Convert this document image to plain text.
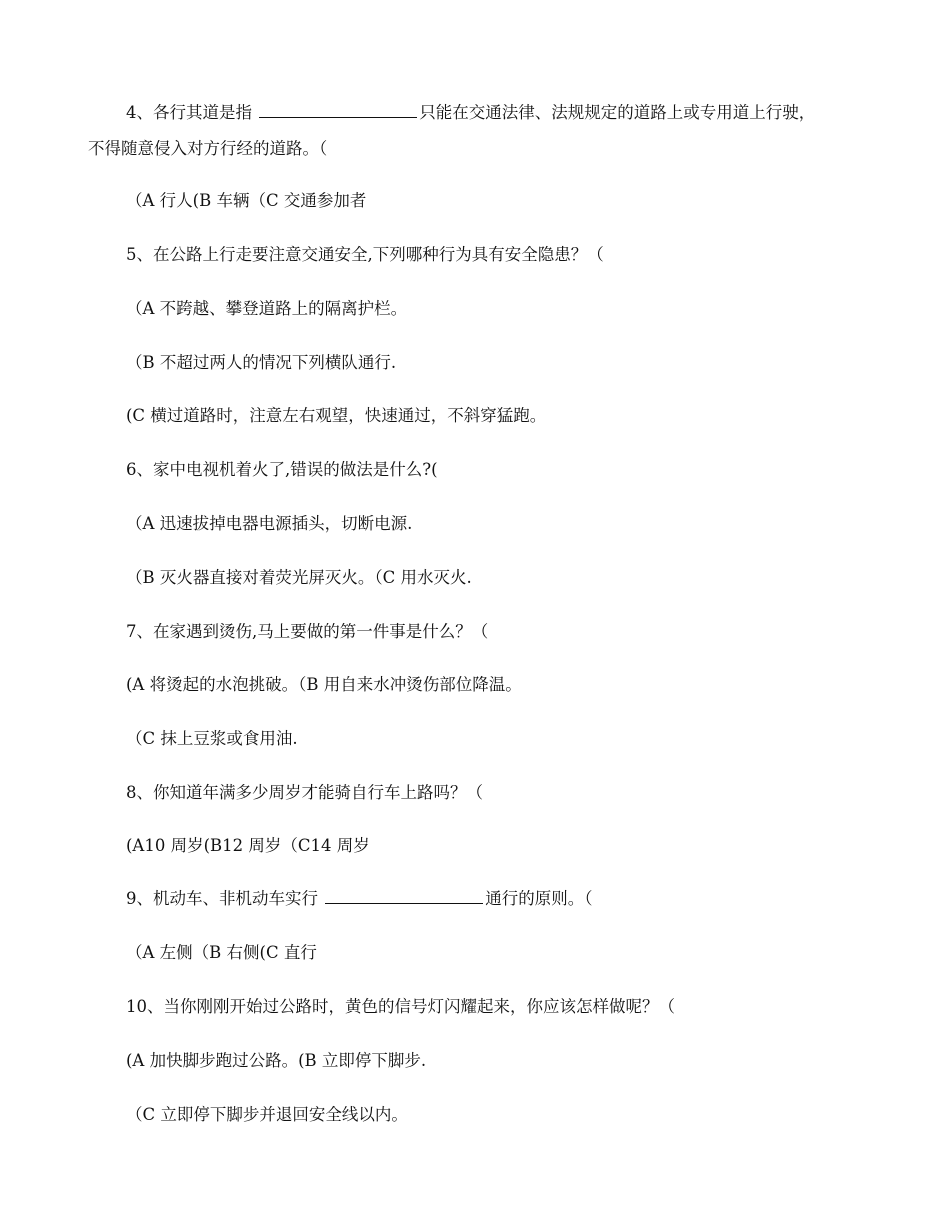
4、各行其道是指	只能在交通法律、法规规定的道路上或专用道上行驶，
不得随意侵入对方行经的道路。（
（A 行人(B 车辆（C 交通参加者
5、在公路上行走要注意交通安全,下列哪种行为具有安全隐患？（
（A 不跨越、攀登道路上的隔离护栏。
（B 不超过两人的情况下列横队通行.
(C 横过道路时，注意左右观望，快速通过，不斜穿猛跑。
6、家中电视机着火了,错误的做法是什么?(
（A 迅速拔掉电器电源插头，切断电源.
（B 灭火器直接对着荧光屏灭火。（C 用水灭火.
7、在家遇到烫伤,马上要做的第一件事是什么？（
(A 将烫起的水泡挑破。（B 用自来水冲烫伤部位降温。
（C 抹上豆浆或食用油.
8、你知道年满多少周岁才能骑自行车上路吗？（
(A10 周岁(B12 周岁（C14 周岁
9、机动车、非机动车实行	通行的原则。（
（A 左侧（B 右侧(C 直行
10、当你刚刚开始过公路时，黄色的信号灯闪耀起来，你应该怎样做呢？（
(A 加快脚步跑过公路。(B 立即停下脚步.
（C 立即停下脚步并退回安全线以内。
